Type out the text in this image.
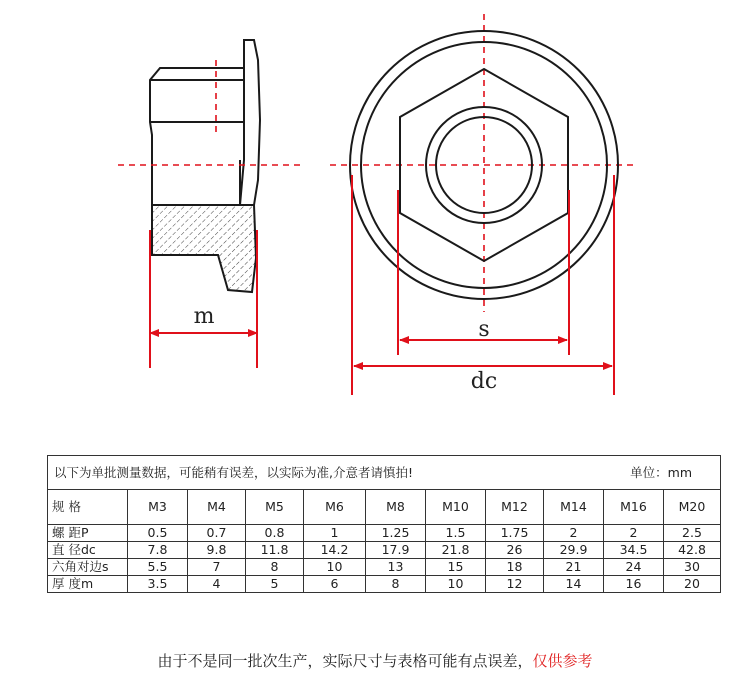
m
s
dc
以下为单批测量数据，可能稍有误差，以实际为准,介意者请慎拍! 单位：mm										

规 格	M3	M4	M5	M6	M8	M10	M12	M14	M16	M20
螺 距P	0.5	0.7	0.8	1	1.25	1.5	1.75	2	2	2.5
直 径dc	7.8	9.8	11.8	14.2	17.9	21.8	26	29.9	34.5	42.8
六角对边s	5.5	7	8	10	13	15	18	21	24	30
厚 度m	3.5	4	5	6	8	10	12	14	16	20
由于不是同一批次生产，实际尺寸与表格可能有点误差，仅供参考
